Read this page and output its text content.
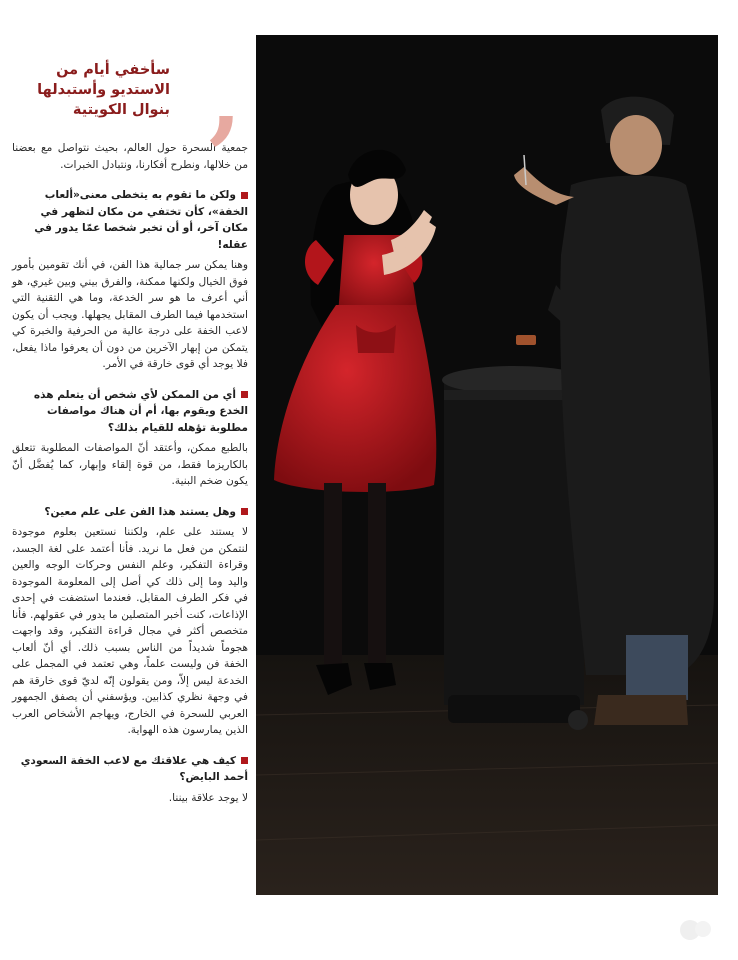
,
سأخفي أيام من الاستديو وأستبدلها بنوال الكويتية
جمعية السحرة حول العالم، بحيث نتواصل مع بعضنا من خلالها، ونطرح أفكارنا، ونتبادل الخبرات.
ولكن ما تقوم به يتخطى معنى«ألعاب الخفة»، كأن تختفي من مكان لتظهر في مكان آخر، أو أن تخبر شخصا عمّا يدور في عقله!
وهنا يمكن سر جمالية هذا الفن، في أنك تقومين بأمور فوق الخيال ولكنها ممكنة، والفرق بيني وبين غيري، هو أني أعرف ما هو سر الخدعة، وما هي التقنية التي استخدمها فيما الطرف المقابل يجهلها. ويجب أن يكون لاعب الخفة على درجة عالية من الحرفية والخبرة كي يتمكن من إبهار الآخرين من دون أن يعرفوا ماذا يفعل، فلا يوجد أي قوى خارقة في الأمر.
أي من الممكن لأي شخص أن يتعلم هذه الخدع ويقوم بها، أم أن هناك مواصفات مطلوبة تؤهله للقيام بذلك؟
بالطبع ممكن، وأعتقد أنّ المواصفات المطلوبة تتعلق بالكاريزما فقط، من قوة إلقاء وإبهار، كما يُفضَّل أنّ يكون ضخم البنية.
وهل يستند هذا الفن على علم معين؟
لا يستند على علم، ولكننا نستعين بعلوم موجودة لنتمكن من فعل ما نريد. فأنا أعتمد على لغة الجسد، وقراءة التفكير، وعلم النفس وحركات الوجه والعين واليد وما إلى ذلك كي أصل إلى المعلومة الموجودة في فكر الطرف المقابل. فعندما استضفت في إحدى الإذاعات، كنت أخبر المتصلين ما يدور في عقولهم. فأنا متخصص أكثر في مجال قراءة التفكير، وقد واجهت هجوماً شديداً من الناس بسبب ذلك. أي أنّ ألعاب الخفة فن وليست علماً، وهي تعتمد في المجمل على الخدعة ليس إلاّ، ومن يقولون إنّه لديّ قوى خارقة هم في وجهة نظري كذابين. ويؤسفني أن يصفق الجمهور العربي للسحرة في الخارج، ويهاجم الأشخاص العرب الذين يمارسون هذه الهواية.
كيف هي علاقتك مع لاعب الخفة السعودي أحمد البايض؟
لا يوجد علاقة بيننا.
